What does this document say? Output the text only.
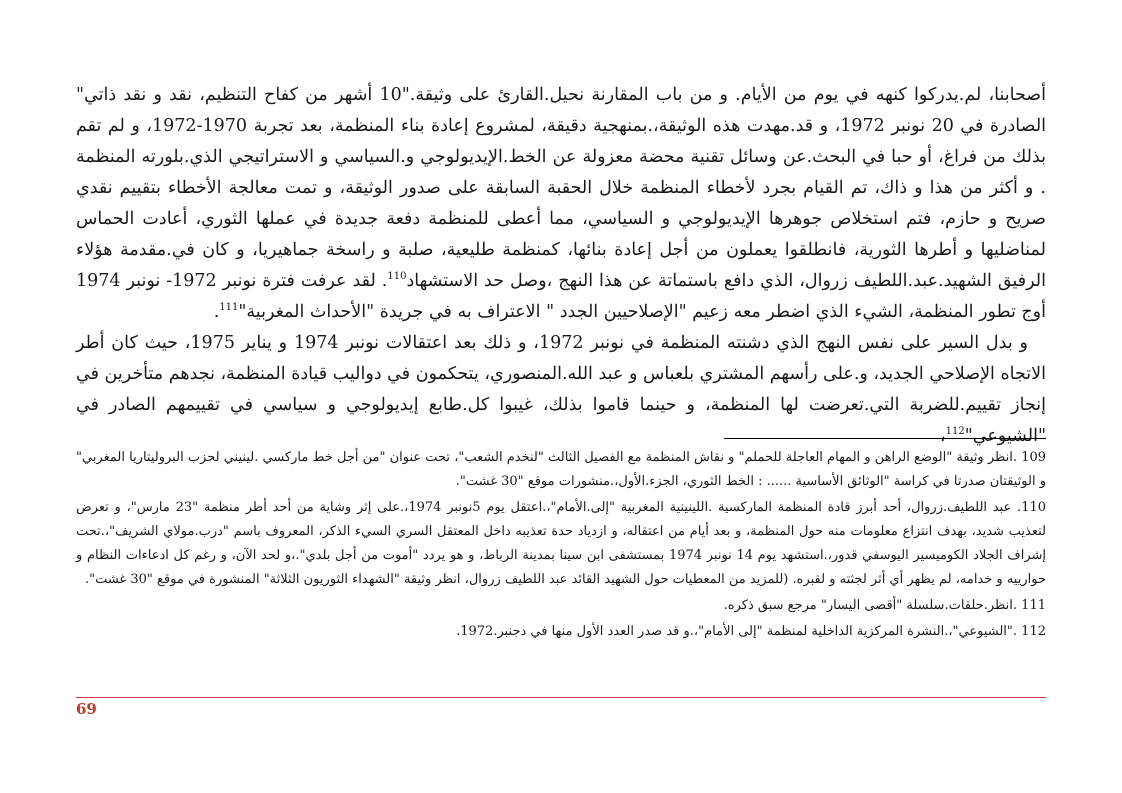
أصحابنا، لم.يدركوا كنهه في يوم من الأيام. و من باب المقارنة نحيل.القارئ على وثيقة."10 أشهر من كفاح التنظيم، نقد و نقد ذاتي" الصادرة في 20 نونبر 1972، و قد.مهدت هذه الوثيقة،.بمنهجية دقيقة، لمشروع إعادة بناء المنظمة، بعد تجربة 1970-1972، و لم تقم بذلك من فراغ، أو حبا في البحث.عن وسائل تقنية محضة معزولة عن الخط.الإيديولوجي و.السياسي و الاستراتيجي الذي.بلورته المنظمة . و أكثر من هذا و ذاك، تم القيام بجرد لأخطاء المنظمة خلال الحقبة السابقة على صدور الوثيقة، و تمت معالجة الأخطاء بتقييم نقدي صريح و حازم، فتم استخلاص جوهرها الإيديولوجي و السياسي، مما أعطى للمنظمة دفعة جديدة في عملها الثوري، أعادت الحماس لمناضليها و أطرها الثورية، فانطلقوا يعملون من أجل إعادة بنائها، كمنظمة طليعية، صلبة و راسخة جماهيريا، و كان في.مقدمة هؤلاء الرفيق الشهيد.عبد.اللطيف زروال، الذي دافع باستماتة عن هذا النهج ،وصل حد الاستشهاد$^{110}$. لقد عرفت فترة نونبر 1972- نونبر 1974 أوج تطور المنظمة، الشيء الذي اضطر معه زعيم "الإصلاحيين الجدد " الاعتراف به في جريدة "الأحداث المغربية"$^{111}$.

و بدل السير على نفس النهج الذي دشنته المنظمة في نونبر 1972، و ذلك بعد اعتقالات نونبر 1974 و يناير 1975، حيث كان أطر الاتجاه الإصلاحي الجديد، و.على رأسهم المشتري بلعباس و عبد الله.المنصوري، يتحكمون في دواليب قيادة المنظمة، نجدهم متأخرين في إنجاز تقييم.للضربة التي.تعرضت لها المنظمة، و حينما قاموا بذلك، غيبوا كل.طابع إيديولوجي و سياسي في تقييمهم الصادر في "الشيوعي"$^{112}$،

109 .انظر وثيقة "الوضع الراهن و المهام العاجلة للحملم" و نقاش المنظمة مع الفصيل الثالث "لنخدم الشعب"، تحت عنوان "من أجل خط ماركسي .لينيني لحزب البروليتاريا المغربي" و الوثيقتان صدرتا في كراسة "الوثائق الأساسية ...... : الخط الثوري، الجزء.الأول،.منشورات موقع "30 غشت".

110. عبد اللطيف.زروال، أحد أبرز قادة المنظمة الماركسية .اللينينية المغربية "إلى.الأمام"،.اعتقل يوم 5نونبر 1974،.على إثر وشاية من أحد أطر منظمة "23 مارس"، و تعرض لتعذيب شديد، بهدف انتزاع معلومات منه حول المنظمة، و بعد أيام من اعتقاله، و ازدياد حدة تعذيبه داخل المعتقل السري السيء الذكر، المعروف باسم "درب.مولاي الشريف"،.تحت إشراف الجلاد الكوميسير اليوسفي قدور،.استشهد يوم 14 نونبر 1974 بمستشفى ابن سينا بمدينة الرباط، و هو يردد "أموت من أجل بلدي".،و لحد الآن، و رغم كل ادعاءات النظام و حوارييه و خدامه، لم يظهر أي أثر لجثته و لقبره. (للمزيد من المعطيات حول الشهيد القائد عبد اللطيف زروال، انظر وثيقة "الشهداء الثوريون الثلاثة" المنشورة في موقع "30 غشت".

111 .انظر.حلقات.سلسلة "أقصى اليسار" مرجع سبق ذكره.

112 ."الشيوعي"،.النشرة المركزية الداخلية لمنظمة "إلى الأمام"،.و قد صدر العدد الأول منها في دجنبر.1972.

69
